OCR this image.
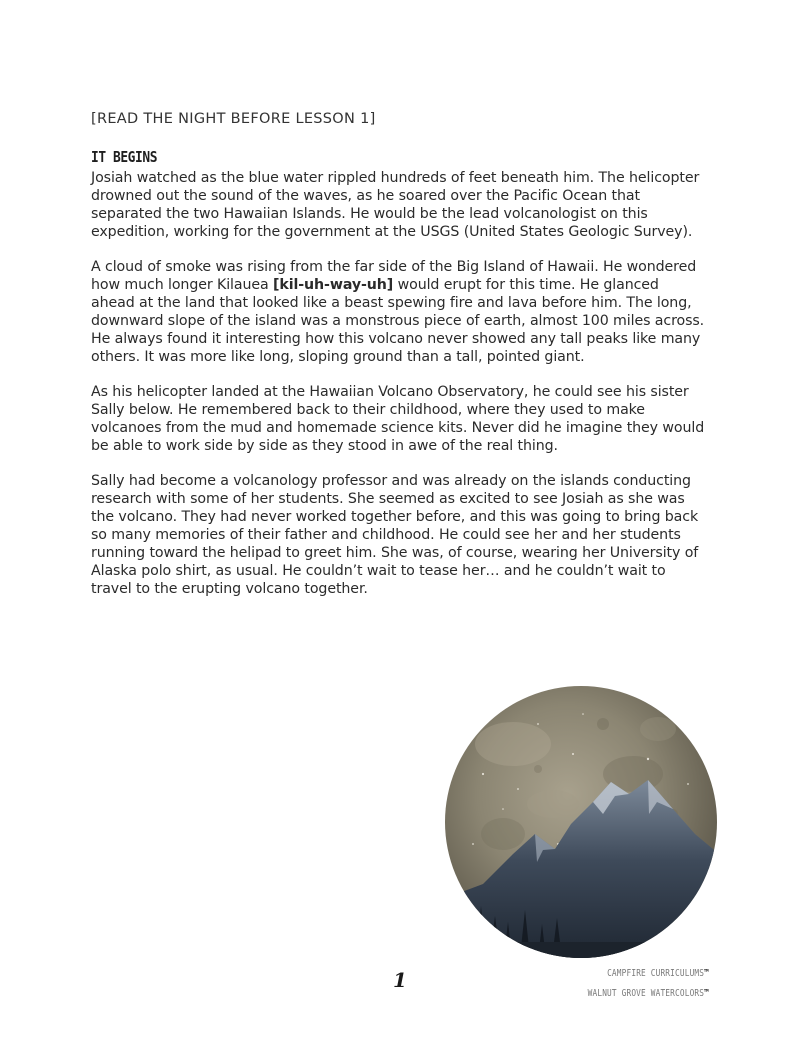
[READ THE NIGHT BEFORE LESSON 1]
IT BEGINS

Josiah watched as the blue water rippled hundreds of feet beneath him. The helicopter drowned out the sound of the waves, as he soared over the Pacific Ocean that separated the two Hawaiian Islands. He would be the lead volcanologist on this expedition, working for the government at the USGS (United States Geologic Survey).

A cloud of smoke was rising from the far side of the Big Island of Hawaii. He wondered how much longer Kilauea [kil-uh-way-uh] would erupt for this time. He glanced ahead at the land that looked like a beast spewing fire and lava before him. The long, downward slope of the island was a monstrous piece of earth, almost 100 miles across. He always found it interesting how this volcano never showed any tall peaks like many others. It was more like long, sloping ground than a tall, pointed giant.

As his helicopter landed at the Hawaiian Volcano Observatory, he could see his sister Sally below. He remembered back to their childhood, where they used to make volcanoes from the mud and homemade science kits. Never did he imagine they would be able to work side by side as they stood in awe of the real thing.

Sally had become a volcanology professor and was already on the islands conducting research with some of her students. She seemed as excited to see Josiah as she was the volcano. They had never worked together before, and this was going to bring back so many memories of their father and childhood. He could see her and her students running toward the helipad to greet him. She was, of course, wearing her University of Alaska polo shirt, as usual. He couldn’t wait to tease her… and he couldn’t wait to travel to the erupting volcano together.

1	CAMPFIRE CURRICULUMS™
WALNUT GROVE WATERCOLORS™
